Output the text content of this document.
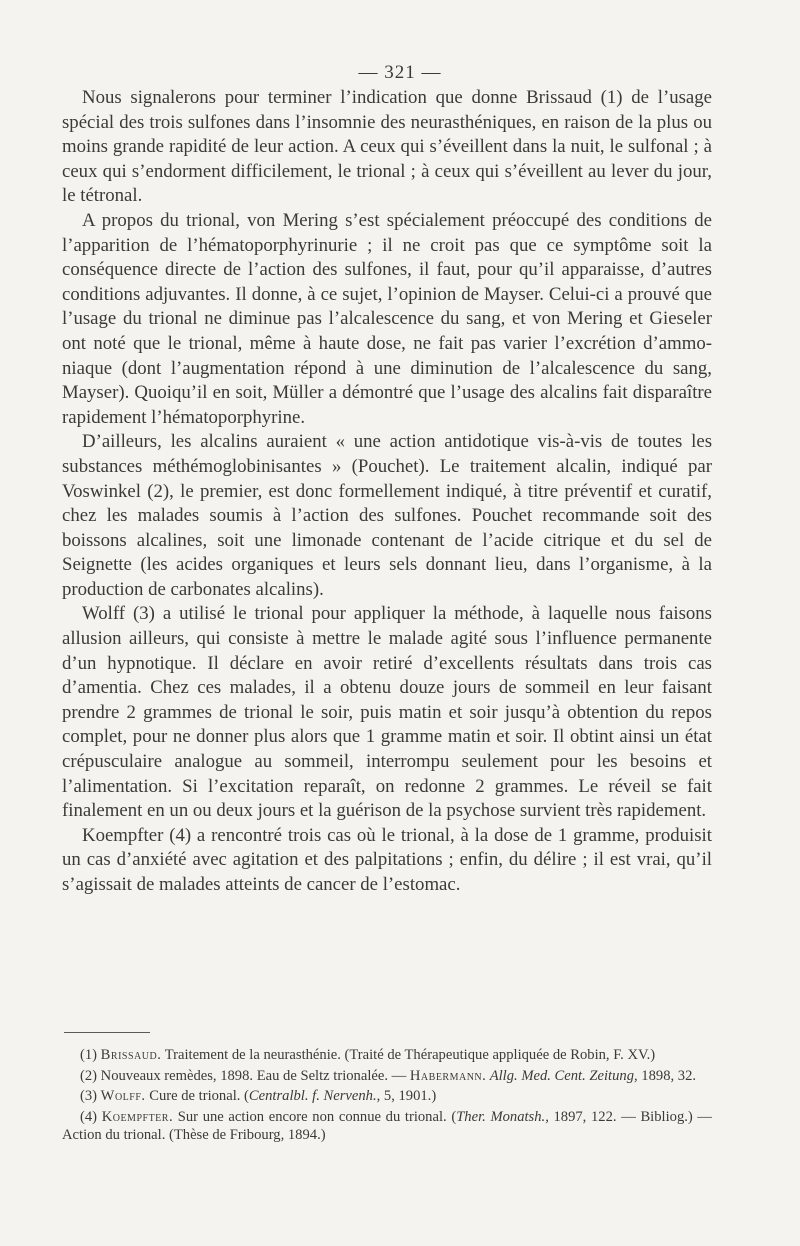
— 321 —

Nous signalerons pour terminer l’indication que donne Brissaud (1) de l’usage spécial des trois sulfones dans l’insomnie des neurasthéniques, en raison de la plus ou moins grande rapidité de leur action. A ceux qui s’éveillent dans la nuit, le sulfonal ; à ceux qui s’endorment difficilement, le trional ; à ceux qui s’éveillent au lever du jour, le tétronal.

A propos du trional, von Mering s’est spécialement préoccupé des conditions de l’apparition de l’hématoporphyrinurie ; il ne croit pas que ce symptôme soit la conséquence directe de l’action des sulfones, il faut, pour qu’il apparaisse, d’autres conditions adjuvantes. Il donne, à ce sujet, l’opinion de Mayser. Celui-ci a prouvé que l’usage du trional ne diminue pas l’alcalescence du sang, et von Mering et Gieseler ont noté que le trional, même à haute dose, ne fait pas varier l’excrétion d’ammoniaque (dont l’augmentation répond à une diminution de l’alcalescence du sang, Mayser). Quoiqu’il en soit, Müller a démontré que l’usage des alcalins fait disparaître rapidement l’hématoporphyrine.

D’ailleurs, les alcalins auraient « une action antidotique vis-à-vis de toutes les substances méthémoglobinisantes » (Pouchet). Le traitement alcalin, indiqué par Voswinkel (2), le premier, est donc formellement indiqué, à titre préventif et curatif, chez les malades soumis à l’action des sulfones. Pouchet recommande soit des boissons alcalines, soit une limonade contenant de l’acide citrique et du sel de Seignette (les acides organiques et leurs sels donnant lieu, dans l’organisme, à la production de carbonates alcalins).

Wolff (3) a utilisé le trional pour appliquer la méthode, à laquelle nous faisons allusion ailleurs, qui consiste à mettre le malade agité sous l’influence permanente d’un hypnotique. Il déclare en avoir retiré d’excellents résultats dans trois cas d’amentia. Chez ces malades, il a obtenu douze jours de sommeil en leur faisant prendre 2 grammes de trional le soir, puis matin et soir jusqu’à obtention du repos complet, pour ne donner plus alors que 1 gramme matin et soir. Il obtint ainsi un état crépusculaire analogue au sommeil, interrompu seulement pour les besoins et l’alimentation. Si l’excitation reparaît, on redonne 2 grammes. Le réveil se fait finalement en un ou deux jours et la guérison de la psychose survient très rapidement.

Koempfter (4) a rencontré trois cas où le trional, à la dose de 1 gramme, produisit un cas d’anxiété avec agitation et des palpitations ; enfin, du délire ; il est vrai, qu’il s’agissait de malades atteints de cancer de l’estomac.

(1) Brissaud. Traitement de la neurasthénie. (Traité de Thérapeutique appliquée de Robin, F. XV.)

(2) Nouveaux remèdes, 1898. Eau de Seltz trionalée. — Habermann. Allg. Med. Cent. Zeitung, 1898, 32.

(3) Wolff. Cure de trional. (Centralbl. f. Nervenh., 5, 1901.)

(4) Koempfter. Sur une action encore non connue du trional. (Ther. Monatsh., 1897, 122. — Bibliog.) — Action du trional. (Thèse de Fribourg, 1894.)
